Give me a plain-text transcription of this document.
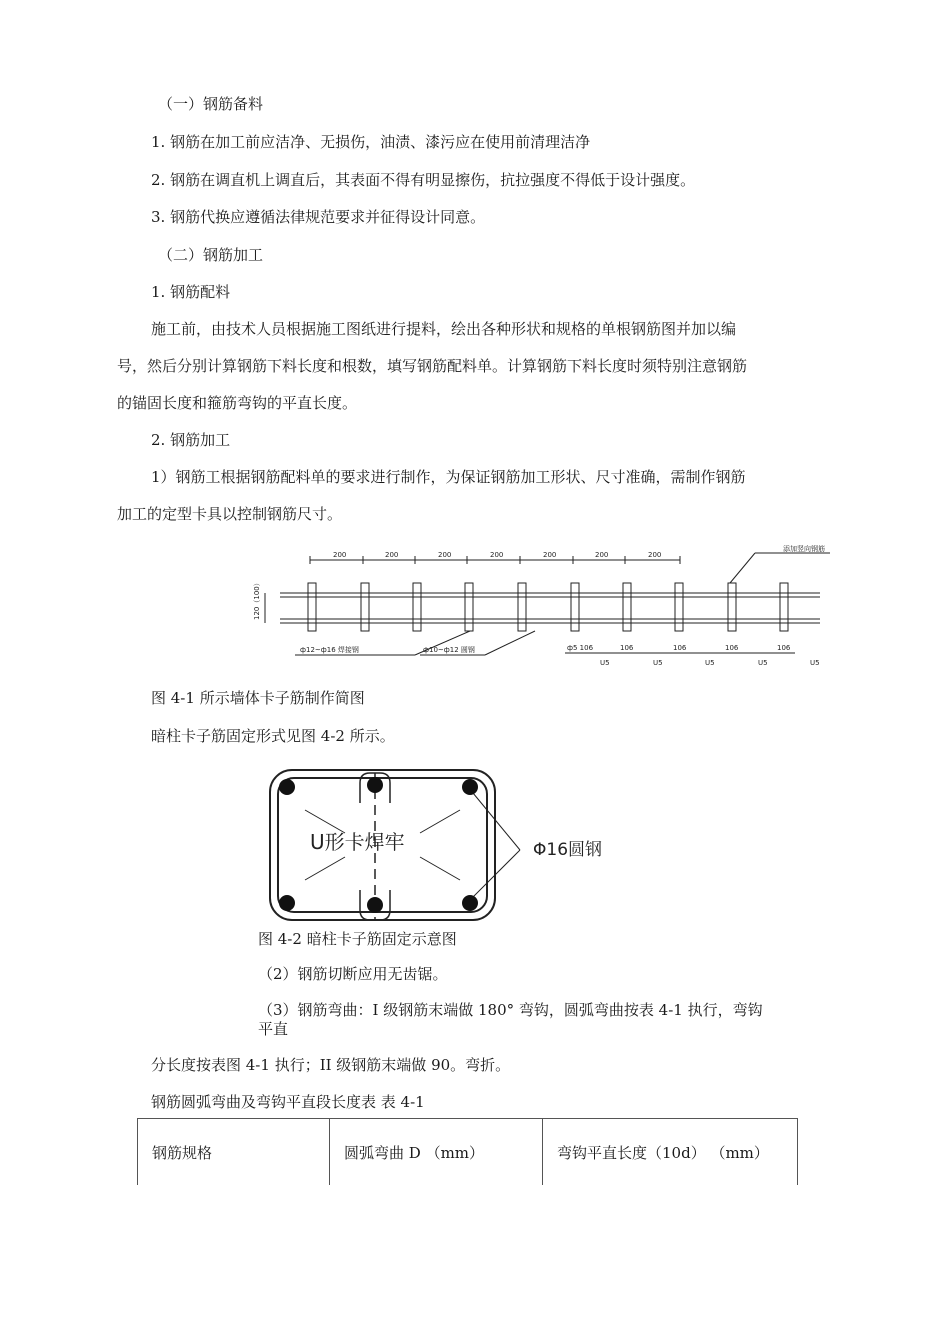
（一）钢筋备料
1. 钢筋在加工前应洁净、无损伤，油渍、漆污应在使用前清理洁净
2. 钢筋在调直机上调直后，其表面不得有明显擦伤，抗拉强度不得低于设计强度。
3. 钢筋代换应遵循法律规范要求并征得设计同意。
（二）钢筋加工
1. 钢筋配料
施工前，由技术人员根据施工图纸进行提料，绘出各种形状和规格的单根钢筋图并加以编
号，然后分别计算钢筋下料长度和根数，填写钢筋配料单。计算钢筋下料长度时须特别注意钢筋
的锚固长度和箍筋弯钩的平直长度。
2. 钢筋加工
1）钢筋工根据钢筋配料单的要求进行制作，为保证钢筋加工形状、尺寸准确，需制作钢筋
加工的定型卡具以控制钢筋尺寸。
200	200	200	200	200	200	200
添加竖向钢筋
120（100）
ф12~ф16 焊接钢	ф10~ф12 圆钢	ф5 106	106	106	106	106
U5	U5	U5	U5	U5
图 4-1 所示墙体卡子筋制作简图
暗柱卡子筋固定形式见图 4-2 所示。
U形卡焊牢	Φ16圆钢
图 4-2 暗柱卡子筋固定示意图
（2）钢筋切断应用无齿锯。
（3）钢筋弯曲：I 级钢筋末端做 180° 弯钩，圆弧弯曲按表 4-1 执行，弯钩
平直
分长度按表图 4-1 执行；II 级钢筋末端做 90。弯折。
钢筋圆弧弯曲及弯钩平直段长度表 表 4-1
钢筋规格	圆弧弯曲 D （mm）	弯钩平直长度（10d） （mm）
